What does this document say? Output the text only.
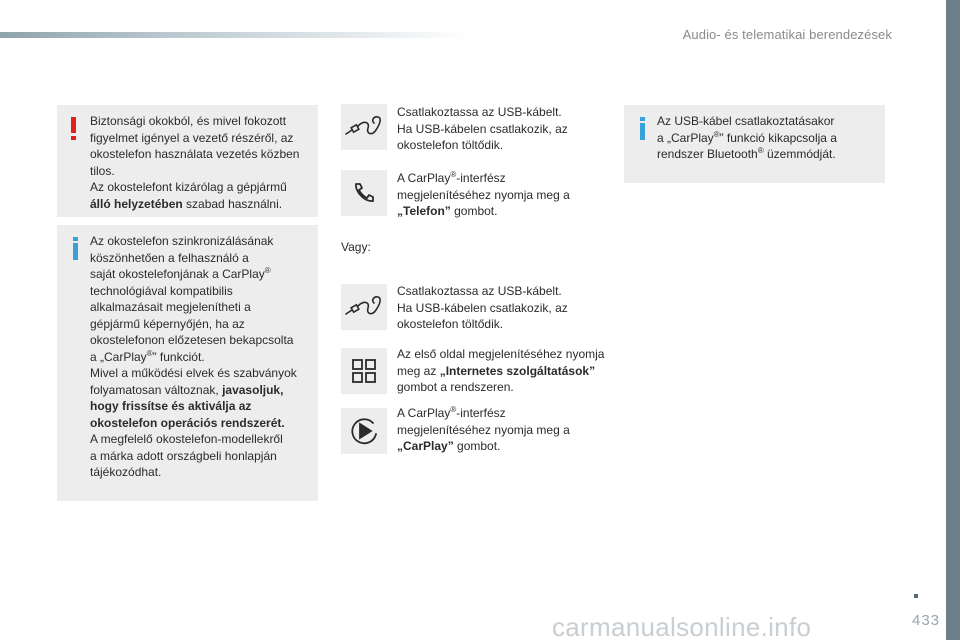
Audio- és telematikai berendezések
Biztonsági okokból, és mivel fokozott
figyelmet igényel a vezető részéről, az
okostelefon használata vezetés közben
tilos.
Az okostelefont kizárólag a gépjármű
álló helyzetében szabad használni.
Az okostelefon szinkronizálásának
köszönhetően a felhasználó a
saját okostelefonjának a CarPlay®
technológiával kompatibilis
alkalmazásait megjelenítheti a
gépjármű képernyőjén, ha az
okostelefonon előzetesen bekapcsolta
a „CarPlay®” funkciót.
Mivel a működési elvek és szabványok
folyamatosan változnak, javasoljuk,
hogy frissítse és aktiválja az
okostelefon operációs rendszerét.
A megfelelő okostelefon-modellekről
a márka adott országbeli honlapján
tájékozódhat.
Csatlakoztassa az USB-kábelt.
Ha USB-kábelen csatlakozik, az
okostelefon töltődik.
A CarPlay®-interfész
megjelenítéséhez nyomja meg a
„Telefon” gombot.
Vagy:
Csatlakoztassa az USB-kábelt.
Ha USB-kábelen csatlakozik, az
okostelefon töltődik.
Az első oldal megjelenítéséhez nyomja
meg az „Internetes szolgáltatások”
gombot a rendszeren.
A CarPlay®-interfész
megjelenítéséhez nyomja meg a
„CarPlay” gombot.
Az USB-kábel csatlakoztatásakor
a „CarPlay®” funkció kikapcsolja a
rendszer Bluetooth® üzemmódját.
carmanualsonline.info	433
